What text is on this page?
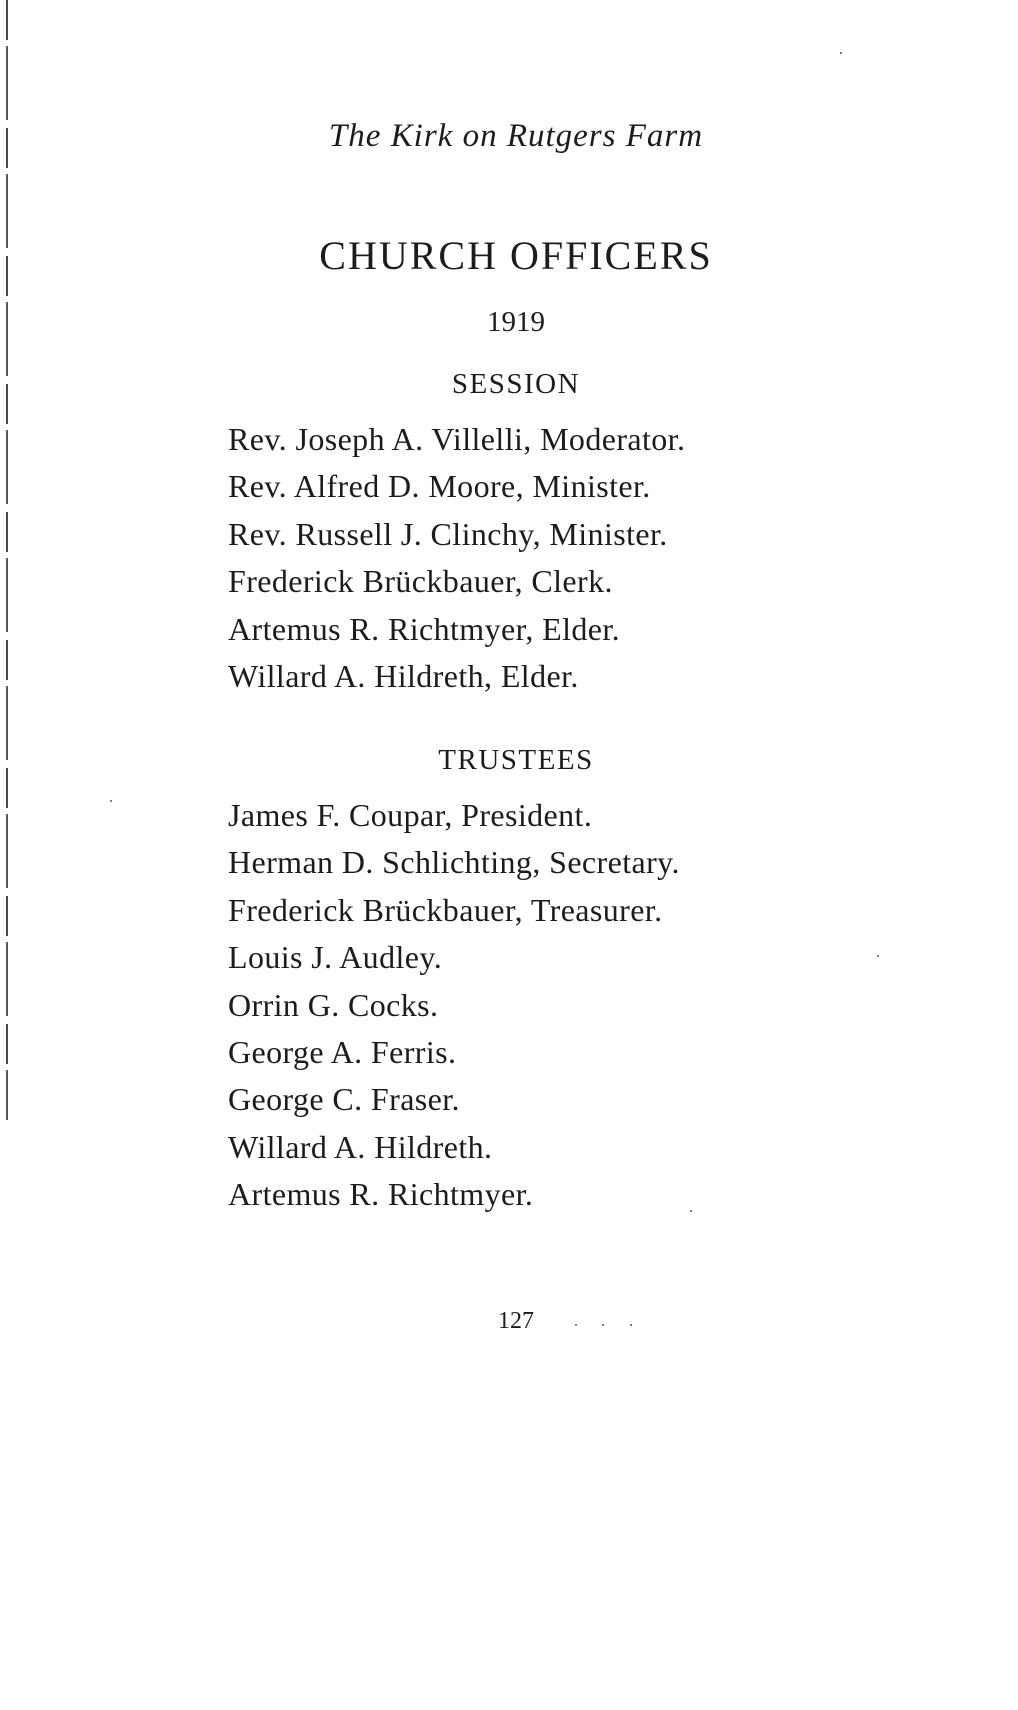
The Kirk on Rutgers Farm
CHURCH OFFICERS
1919
SESSION
Rev. Joseph A. Villelli, Moderator.
Rev. Alfred D. Moore, Minister.
Rev. Russell J. Clinchy, Minister.
Frederick Brückbauer, Clerk.
Artemus R. Richtmyer, Elder.
Willard A. Hildreth, Elder.
TRUSTEES
James F. Coupar, President.
Herman D. Schlichting, Secretary.
Frederick Brückbauer, Treasurer.
Louis J. Audley.
Orrin G. Cocks.
George A. Ferris.
George C. Fraser.
Willard A. Hildreth.
Artemus R. Richtmyer.
127
